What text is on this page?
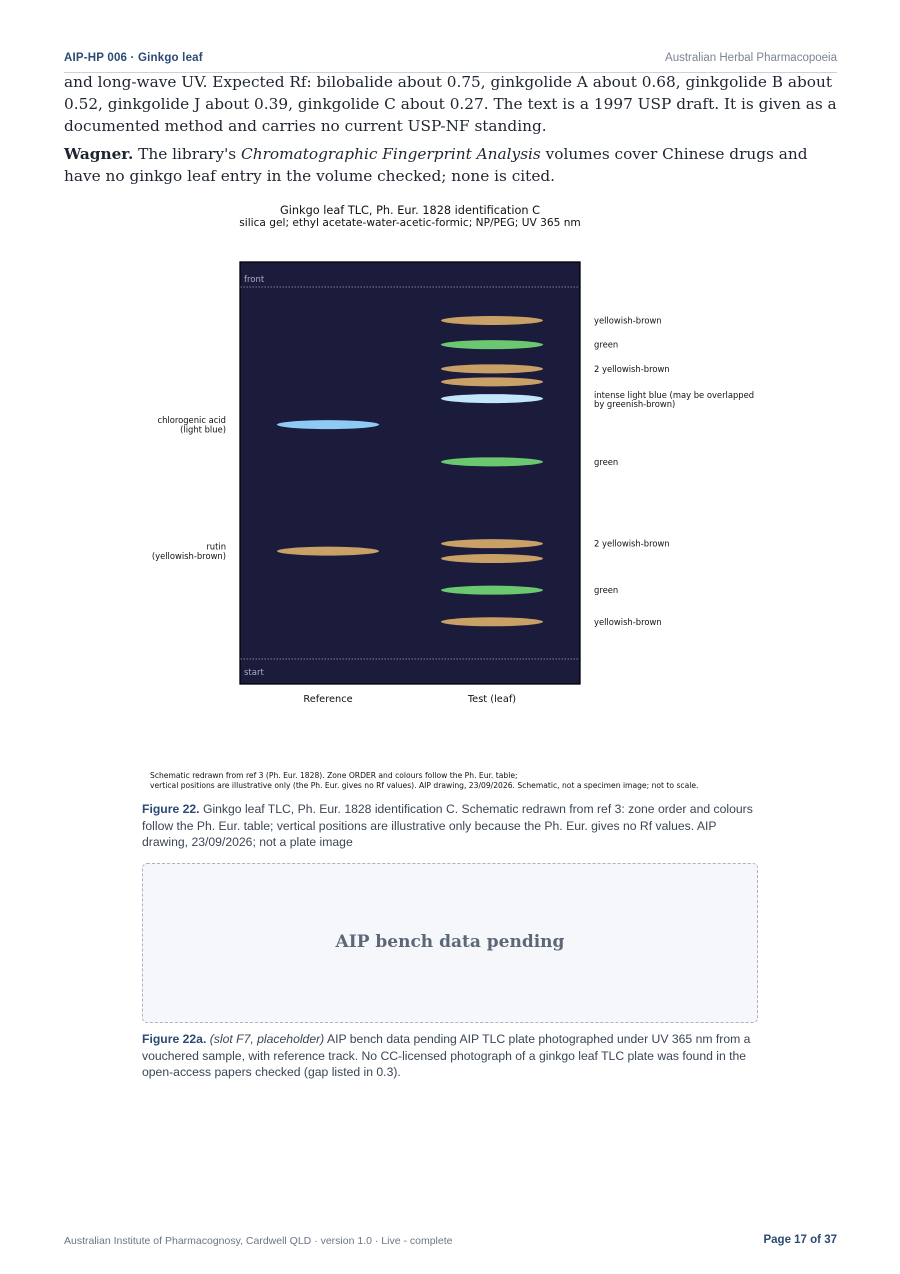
AIP-HP 006 · Ginkgo leaf	Australian Herbal Pharmacopoeia

and long-wave UV. Expected Rf: bilobalide about 0.75, ginkgolide A about 0.68, ginkgolide B about 0.52, ginkgolide J about 0.39, ginkgolide C about 0.27. The text is a 1997 USP draft. It is given as a documented method and carries no current USP-NF standing.

Wagner. The library's Chromatographic Fingerprint Analysis volumes cover Chinese drugs and have no ginkgo leaf entry in the volume checked; none is cited.

Ginkgo leaf TLC, Ph. Eur. 1828 identification C
silica gel; ethyl acetate-water-acetic-formic; NP/PEG; UV 365 nm
front
start
chlorogenic acid
(light blue)
rutin
(yellowish-brown)
yellowish-brown
green
2 yellowish-brown
intense light blue (may be overlapped
by greenish-brown)
green
2 yellowish-brown
green
yellowish-brown
Reference	Test (leaf)
Schematic redrawn from ref 3 (Ph. Eur. 1828). Zone ORDER and colours follow the Ph. Eur. table;
vertical positions are illustrative only (the Ph. Eur. gives no Rf values). AIP drawing, 23/09/2026. Schematic, not a specimen image; not to scale.

Figure 22. Ginkgo leaf TLC, Ph. Eur. 1828 identification C. Schematic redrawn from ref 3: zone order and colours follow the Ph. Eur. table; vertical positions are illustrative only because the Ph. Eur. gives no Rf values. AIP drawing, 23/09/2026; not a plate image

AIP bench data pending

Figure 22a. (slot F7, placeholder) AIP bench data pending AIP TLC plate photographed under UV 365 nm from a vouchered sample, with reference track. No CC-licensed photograph of a ginkgo leaf TLC plate was found in the open-access papers checked (gap listed in 0.3).

Australian Institute of Pharmacognosy, Cardwell QLD · version 1.0 · Live - complete	Page 17 of 37
